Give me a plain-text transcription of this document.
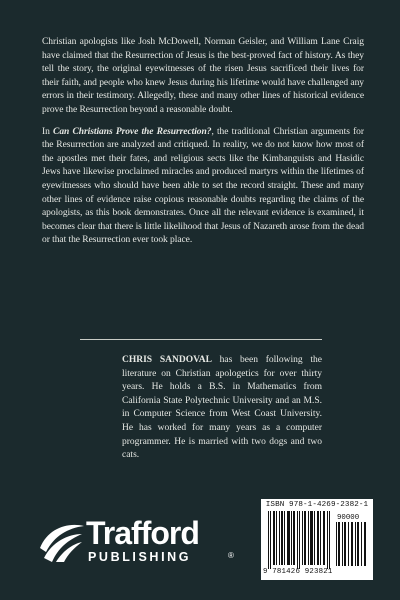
Christian apologists like Josh McDowell, Norman Geisler, and William Lane Craig have claimed that the Resurrection of Jesus is the best-proved fact of history. As they tell the story, the original eyewitnesses of the risen Jesus sacrificed their lives for their faith, and people who knew Jesus during his lifetime would have challenged any errors in their testimony. Allegedly, these and many other lines of historical evidence prove the Resurrection beyond a reasonable doubt.

In Can Christians Prove the Resurrection?, the traditional Christian arguments for the Resurrection are analyzed and critiqued. In reality, we do not know how most of the apostles met their fates, and religious sects like the Kimbanguists and Hasidic Jews have likewise proclaimed miracles and produced martyrs within the lifetimes of eyewitnesses who should have been able to set the record straight. These and many other lines of evidence raise copious reasonable doubts regarding the claims of the apologists, as this book demonstrates. Once all the relevant evidence is examined, it becomes clear that there is little likelihood that Jesus of Nazareth arose from the dead or that the Resurrection ever took place.

CHRIS SANDOVAL has been following the literature on Christian apologetics for over thirty years. He holds a B.S. in Mathematics from California State Polytechnic University and an M.S. in Computer Science from West Coast University. He has worked for many years as a computer programmer. He is married with two dogs and two cats.
Trafford
PUBLISHING	®
ISBN 978-1-4269-2382-1
90000
9 781426 923821
